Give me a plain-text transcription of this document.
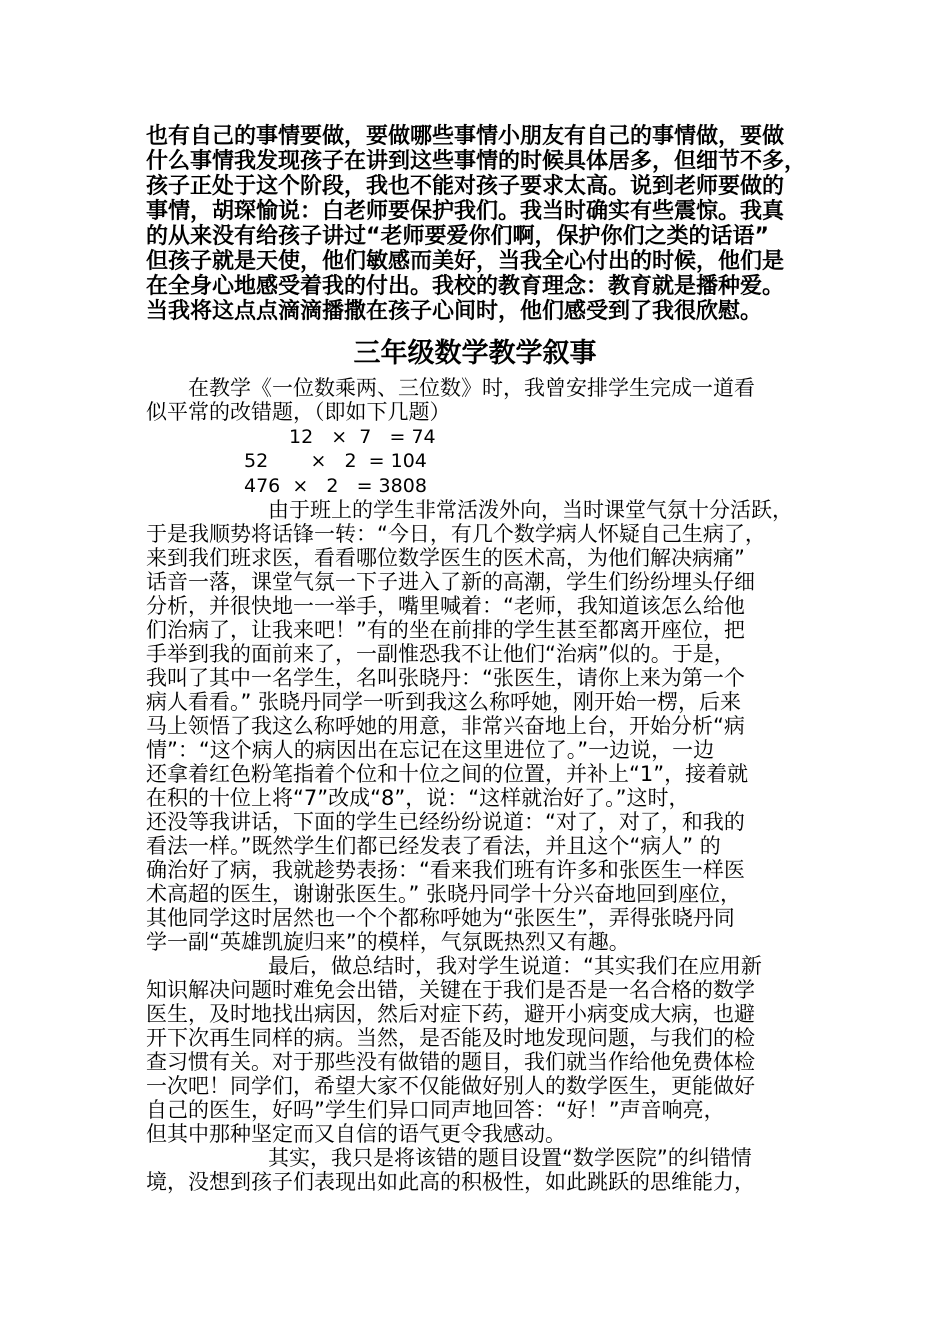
也有自己的事情要做，要做哪些事情小朋友有自己的事情做，要做
什么事情我发现孩子在讲到这些事情的时候具体居多，但细节不多，
孩子正处于这个阶段，我也不能对孩子要求太高。说到老师要做的
事情，胡琛愉说：白老师要保护我们。我当时确实有些震惊。我真
的从来没有给孩子讲过“老师要爱你们啊，保护你们之类的话语”
但孩子就是天使，他们敏感而美好，当我全心付出的时候，他们是
在全身心地感受着我的付出。我校的教育理念：教育就是播种爱。
当我将这点点滴滴播撒在孩子心间时，他们感受到了我很欣慰。
三年级数学教学叙事
在教学《一位数乘两、三位数》时，我曾安排学生完成一道看
似平常的改错题，（即如下几题）
12   ×  7   = 74
52       ×   2  = 104
476  ×   2   = 3808
由于班上的学生非常活泼外向，当时课堂气氛十分活跃，
于是我顺势将话锋一转：“今日，有几个数学病人怀疑自己生病了，
来到我们班求医，看看哪位数学医生的医术高，为他们解决病痛”
话音一落，课堂气氛一下子进入了新的高潮，学生们纷纷埋头仔细
分析，并很快地一一举手，嘴里喊着：“老师，我知道该怎么给他
们治病了，让我来吧！”有的坐在前排的学生甚至都离开座位，把
手举到我的面前来了，一副惟恐我不让他们“治病”似的。于是，
我叫了其中一名学生，名叫张晓丹：“张医生，请你上来为第一个
病人看看。” 张晓丹同学一听到我这么称呼她，刚开始一楞，后来
马上领悟了我这么称呼她的用意，非常兴奋地上台，开始分析“病
情”：“这个病人的病因出在忘记在这里进位了。”一边说，一边
还拿着红色粉笔指着个位和十位之间的位置，并补上“1”，接着就
在积的十位上将“7”改成“8”，说：“这样就治好了。”这时，
还没等我讲话，下面的学生已经纷纷说道：“对了，对了，和我的
看法一样。”既然学生们都已经发表了看法，并且这个“病人” 的
确治好了病，我就趁势表扬：“看来我们班有许多和张医生一样医
术高超的医生，谢谢张医生。” 张晓丹同学十分兴奋地回到座位，
其他同学这时居然也一个个都称呼她为“张医生”，弄得张晓丹同
学一副“英雄凯旋归来”的模样，气氛既热烈又有趣。
最后，做总结时，我对学生说道：“其实我们在应用新
知识解决问题时难免会出错，关键在于我们是否是一名合格的数学
医生，及时地找出病因，然后对症下药，避开小病变成大病，也避
开下次再生同样的病。当然，是否能及时地发现问题，与我们的检
查习惯有关。对于那些没有做错的题目，我们就当作给他免费体检
一次吧！同学们，希望大家不仅能做好别人的数学医生，更能做好
自己的医生，好吗”学生们异口同声地回答：“好！”声音响亮，
但其中那种坚定而又自信的语气更令我感动。
其实，我只是将该错的题目设置“数学医院”的纠错情
境，没想到孩子们表现出如此高的积极性，如此跳跃的思维能力，
